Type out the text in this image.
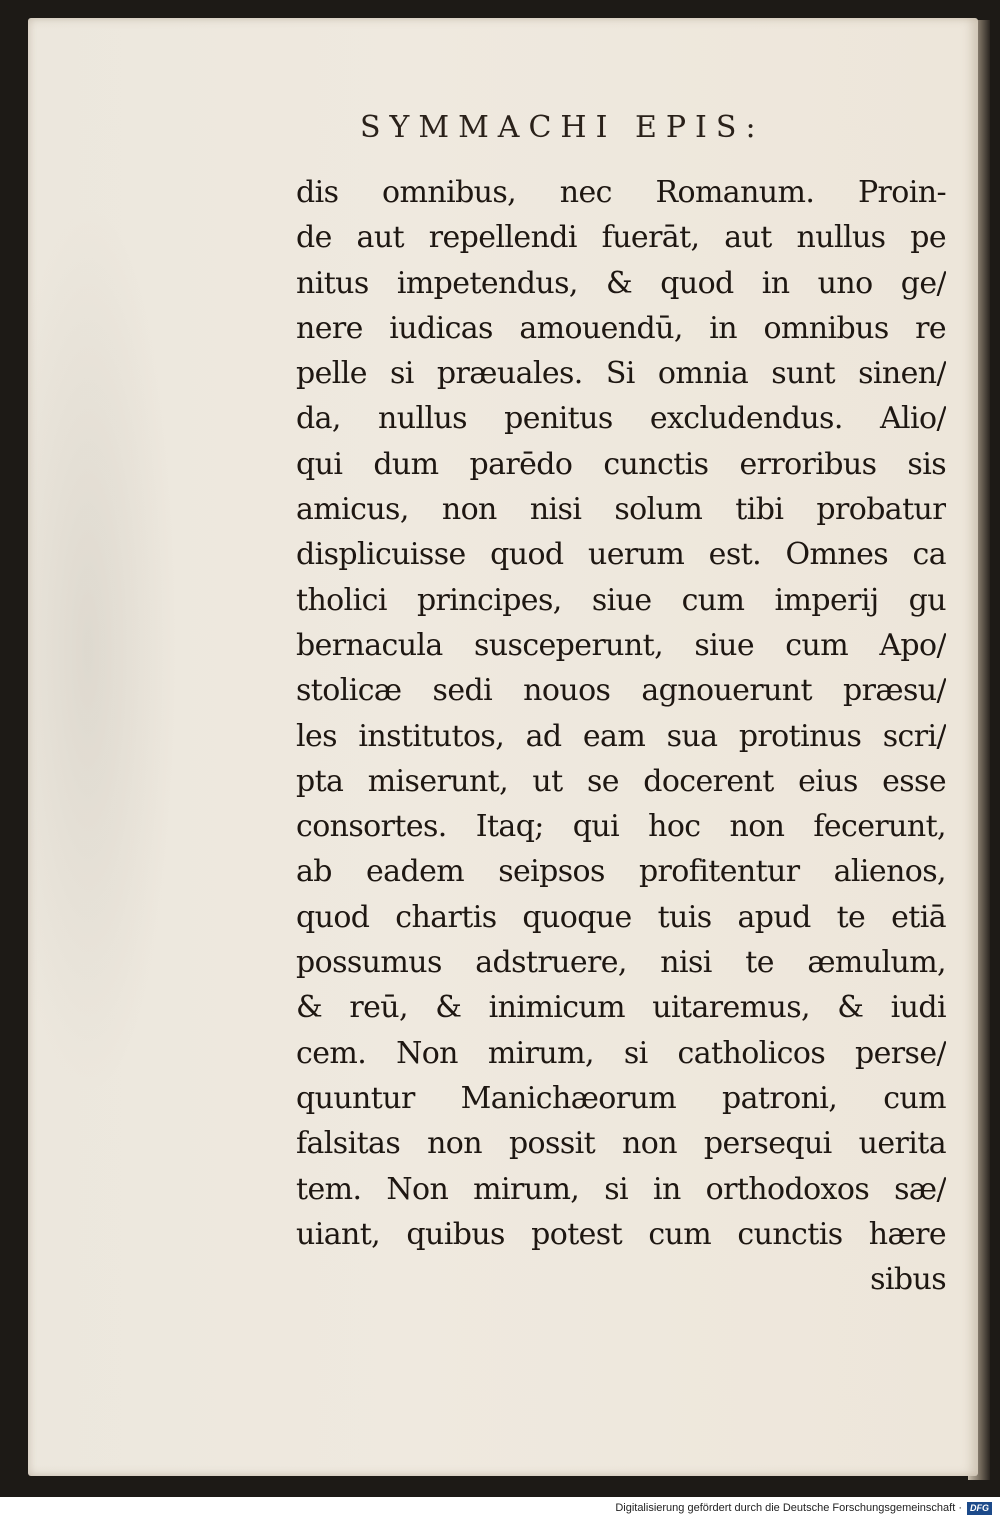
SYMMACHI EPIS:
dis omnibus, nec Romanum. Proin-
de aut repellendi fuerāt, aut nullus pe
nitus impetendus, & quod in uno ge/
nere iudicas amouendū, in omnibus re
pelle si præuales. Si omnia sunt sinen/
da, nullus penitus excludendus. Alio/
qui dum parēdo cunctis erroribus sis
amicus, non nisi solum tibi probatur
displicuisse quod uerum est. Omnes ca
tholici principes, siue cum imperij gu
bernacula susceperunt, siue cum Apo/
stolicæ sedi nouos agnouerunt præsu/
les institutos, ad eam sua protinus scri/
pta miserunt, ut se docerent eius esse
consortes. Itaq; qui hoc non fecerunt,
ab eadem seipsos profitentur alienos,
quod chartis quoque tuis apud te etiā
possumus adstruere, nisi te æmulum,
& reū, & inimicum uitaremus, & iudi
cem. Non mirum, si catholicos perse/
quuntur Manichæorum patroni, cum
falsitas non possit non persequi uerita
tem. Non mirum, si in orthodoxos sæ/
uiant, quibus potest cum cunctis hære
sibus
Digitalisierung gefördert durch die Deutsche Forschungsgemeinschaft · DFG
